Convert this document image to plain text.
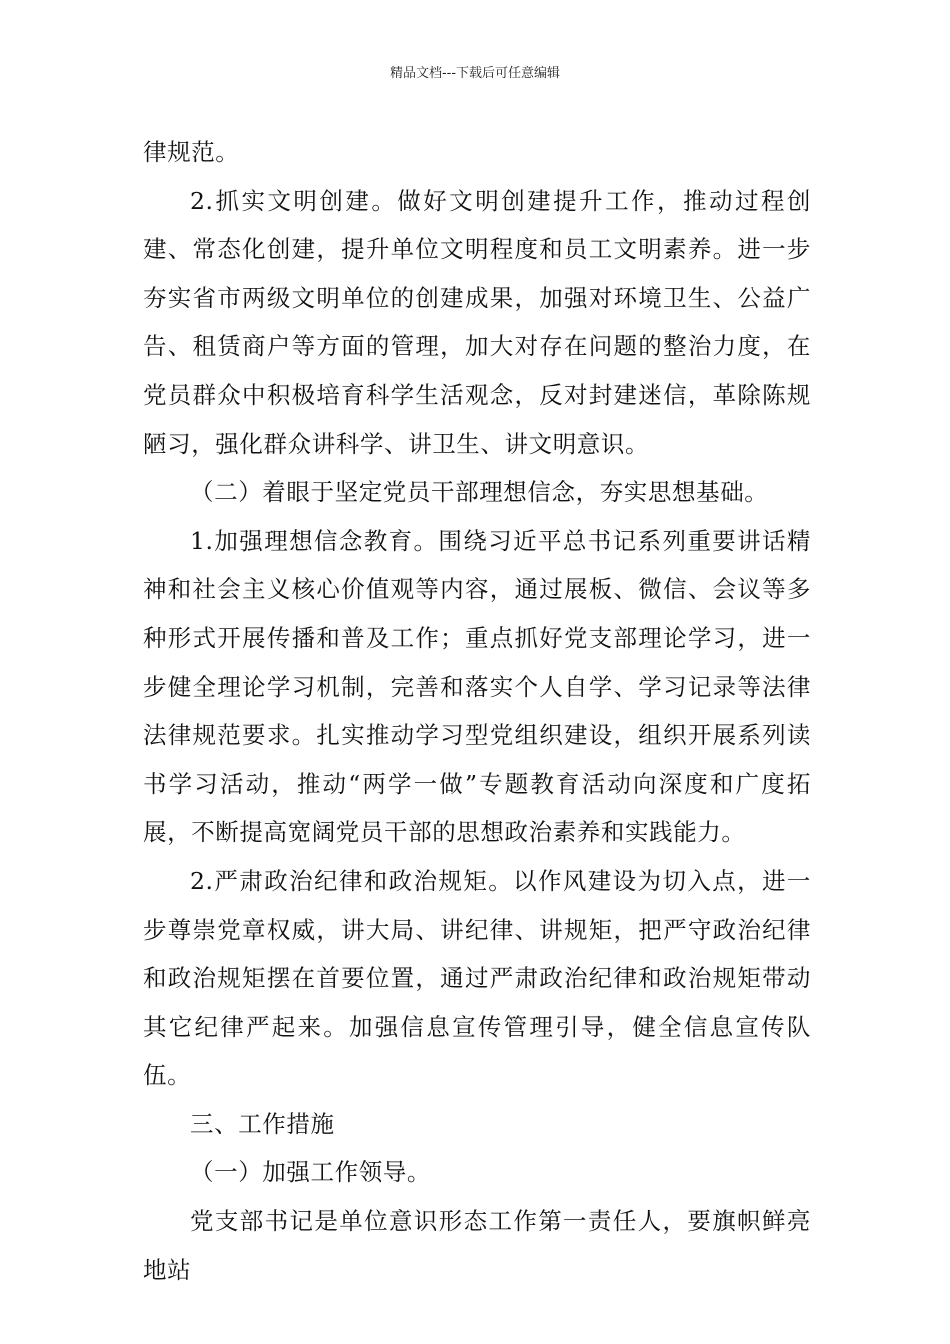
精品文档---下载后可任意编辑

律规范。

2.抓实文明创建。做好文明创建提升工作，推动过程创建、常态化创建，提升单位文明程度和员工文明素养。进一步夯实省市两级文明单位的创建成果，加强对环境卫生、公益广告、租赁商户等方面的管理，加大对存在问题的整治力度，在党员群众中积极培育科学生活观念，反对封建迷信，革除陈规陋习，强化群众讲科学、讲卫生、讲文明意识。

（二）着眼于坚定党员干部理想信念，夯实思想基础。

1.加强理想信念教育。围绕习近平总书记系列重要讲话精神和社会主义核心价值观等内容，通过展板、微信、会议等多种形式开展传播和普及工作；重点抓好党支部理论学习，进一步健全理论学习机制，完善和落实个人自学、学习记录等法律法律规范要求。扎实推动学习型党组织建设，组织开展系列读书学习活动，推动“两学一做”专题教育活动向深度和广度拓展，不断提高宽阔党员干部的思想政治素养和实践能力。

2.严肃政治纪律和政治规矩。以作风建设为切入点，进一步尊崇党章权威，讲大局、讲纪律、讲规矩，把严守政治纪律和政治规矩摆在首要位置，通过严肃政治纪律和政治规矩带动其它纪律严起来。加强信息宣传管理引导，健全信息宣传队伍。

三、工作措施

（一）加强工作领导。

党支部书记是单位意识形态工作第一责任人，要旗帜鲜亮地站
